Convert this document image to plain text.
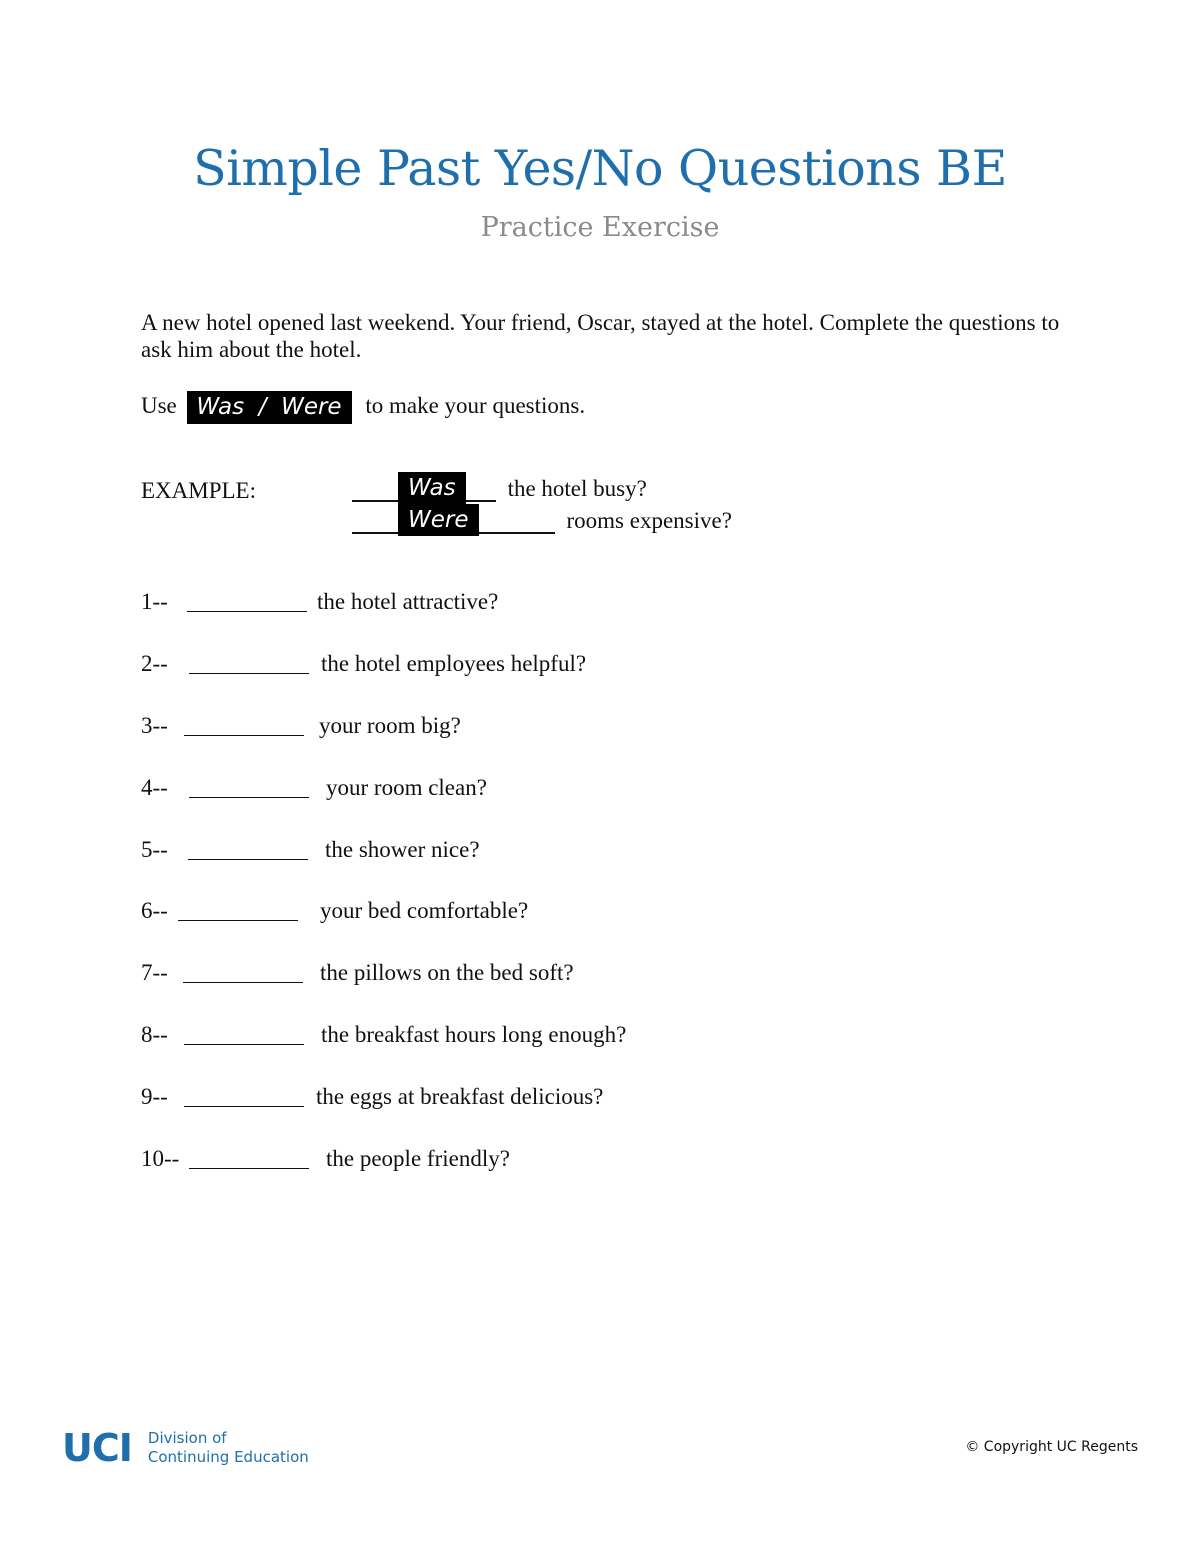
Simple Past Yes/No Questions BE
Practice Exercise
A new hotel opened last weekend. Your friend, Oscar, stayed at the hotel. Complete the questions to ask him about the hotel.
Use Was  /  Were to make your questions.
EXAMPLE:	Was	the hotel busy?
Were	rooms expensive?
1--	the hotel attractive?
2--	the hotel employees helpful?
3--	your room big?
4--	your room clean?
5--	the shower nice?
6--	your bed comfortable?
7--	the pillows on the bed soft?
8--	the breakfast hours long enough?
9--	the eggs at breakfast delicious?
10--	the people friendly?
UCI Division of
Continuing Education
© Copyright UC Regents
